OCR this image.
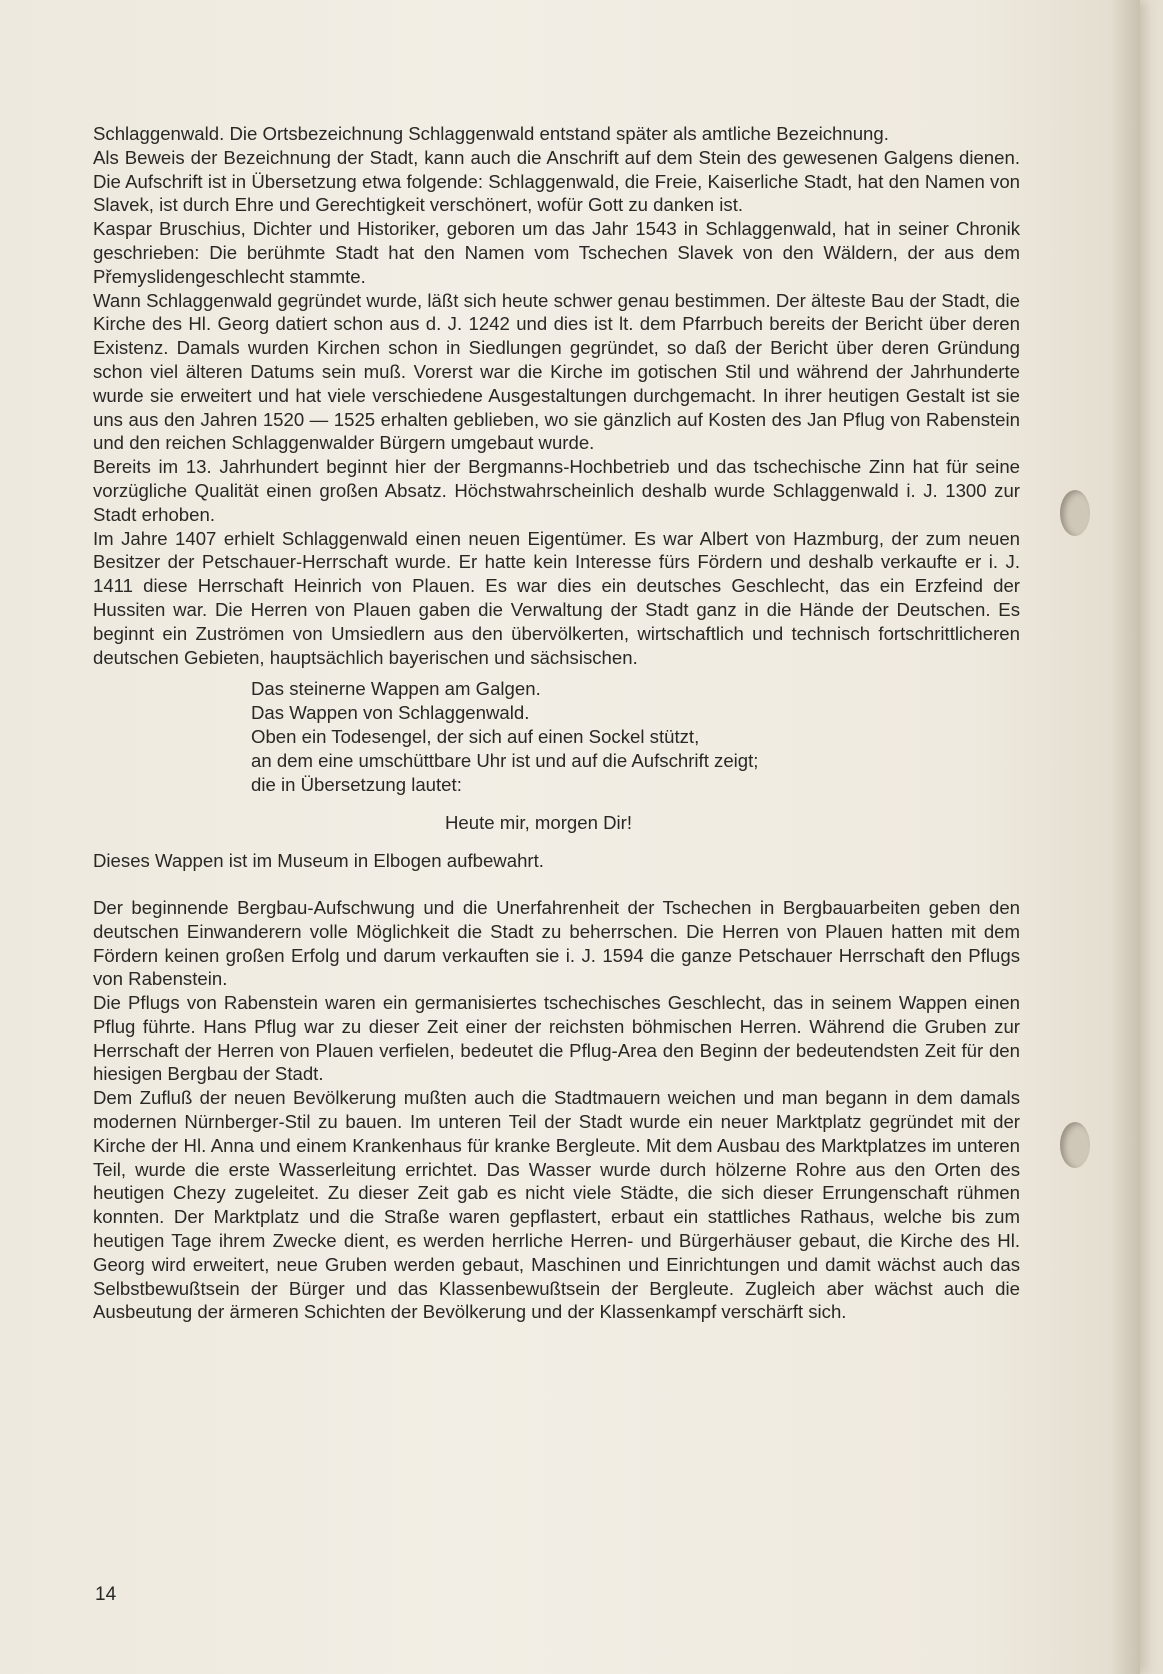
Schlaggenwald. Die Ortsbezeichnung Schlaggenwald entstand später als amtliche Bezeichnung.

Als Beweis der Bezeichnung der Stadt, kann auch die Anschrift auf dem Stein des gewesenen Galgens dienen. Die Aufschrift ist in Übersetzung etwa folgende: Schlaggenwald, die Freie, Kaiserliche Stadt, hat den Namen von Slavek, ist durch Ehre und Gerechtigkeit verschönert, wofür Gott zu danken ist.

Kaspar Bruschius, Dichter und Historiker, geboren um das Jahr 1543 in Schlaggenwald, hat in seiner Chronik geschrieben: Die berühmte Stadt hat den Namen vom Tschechen Slavek von den Wäldern, der aus dem Přemyslidengeschlecht stammte.

Wann Schlaggenwald gegründet wurde, läßt sich heute schwer genau bestimmen. Der älteste Bau der Stadt, die Kirche des Hl. Georg datiert schon aus d. J. 1242 und dies ist lt. dem Pfarrbuch bereits der Bericht über deren Existenz. Damals wurden Kirchen schon in Siedlungen gegründet, so daß der Bericht über deren Gründung schon viel älteren Datums sein muß. Vorerst war die Kirche im gotischen Stil und während der Jahrhunderte wurde sie erweitert und hat viele verschiedene Ausgestaltungen durchgemacht. In ihrer heutigen Gestalt ist sie uns aus den Jahren 1520 — 1525 erhalten geblieben, wo sie gänzlich auf Kosten des Jan Pflug von Rabenstein und den reichen Schlaggenwalder Bürgern umgebaut wurde.

Bereits im 13. Jahrhundert beginnt hier der Bergmanns-Hochbetrieb und das tschechische Zinn hat für seine vorzügliche Qualität einen großen Absatz. Höchstwahrscheinlich deshalb wurde Schlaggenwald i. J. 1300 zur Stadt erhoben.

Im Jahre 1407 erhielt Schlaggenwald einen neuen Eigentümer. Es war Albert von Hazmburg, der zum neuen Besitzer der Petschauer-Herrschaft wurde. Er hatte kein Interesse fürs Fördern und deshalb verkaufte er i. J. 1411 diese Herrschaft Heinrich von Plauen. Es war dies ein deutsches Geschlecht, das ein Erzfeind der Hussiten war. Die Herren von Plauen gaben die Verwaltung der Stadt ganz in die Hände der Deutschen. Es beginnt ein Zuströmen von Umsiedlern aus den übervölkerten, wirtschaftlich und technisch fortschrittlicheren deutschen Gebieten, hauptsächlich bayerischen und sächsischen.

Das steinerne Wappen am Galgen.
Das Wappen von Schlaggenwald.
Oben ein Todesengel, der sich auf einen Sockel stützt,
an dem eine umschüttbare Uhr ist und auf die Aufschrift zeigt;
die in Übersetzung lautet:
Heute mir, morgen Dir!

Dieses Wappen ist im Museum in Elbogen aufbewahrt.

Der beginnende Bergbau-Aufschwung und die Unerfahrenheit der Tschechen in Bergbauarbeiten geben den deutschen Einwanderern volle Möglichkeit die Stadt zu beherrschen. Die Herren von Plauen hatten mit dem Fördern keinen großen Erfolg und darum verkauften sie i. J. 1594 die ganze Petschauer Herrschaft den Pflugs von Rabenstein.

Die Pflugs von Rabenstein waren ein germanisiertes tschechisches Geschlecht, das in seinem Wappen einen Pflug führte. Hans Pflug war zu dieser Zeit einer der reichsten böhmischen Herren. Während die Gruben zur Herrschaft der Herren von Plauen verfielen, bedeutet die Pflug-Area den Beginn der bedeutendsten Zeit für den hiesigen Bergbau der Stadt.

Dem Zufluß der neuen Bevölkerung mußten auch die Stadtmauern weichen und man begann in dem damals modernen Nürnberger-Stil zu bauen. Im unteren Teil der Stadt wurde ein neuer Marktplatz gegründet mit der Kirche der Hl. Anna und einem Krankenhaus für kranke Bergleute. Mit dem Ausbau des Marktplatzes im unteren Teil, wurde die erste Wasserleitung errichtet. Das Wasser wurde durch hölzerne Rohre aus den Orten des heutigen Chezy zugeleitet. Zu dieser Zeit gab es nicht viele Städte, die sich dieser Errungenschaft rühmen konnten. Der Marktplatz und die Straße waren gepflastert, erbaut ein stattliches Rathaus, welche bis zum heutigen Tage ihrem Zwecke dient, es werden herrliche Herren- und Bürgerhäuser gebaut, die Kirche des Hl. Georg wird erweitert, neue Gruben werden gebaut, Maschinen und Einrichtungen und damit wächst auch das Selbstbewußtsein der Bürger und das Klassenbewußtsein der Bergleute. Zugleich aber wächst auch die Ausbeutung der ärmeren Schichten der Bevölkerung und der Klassenkampf verschärft sich.

14
